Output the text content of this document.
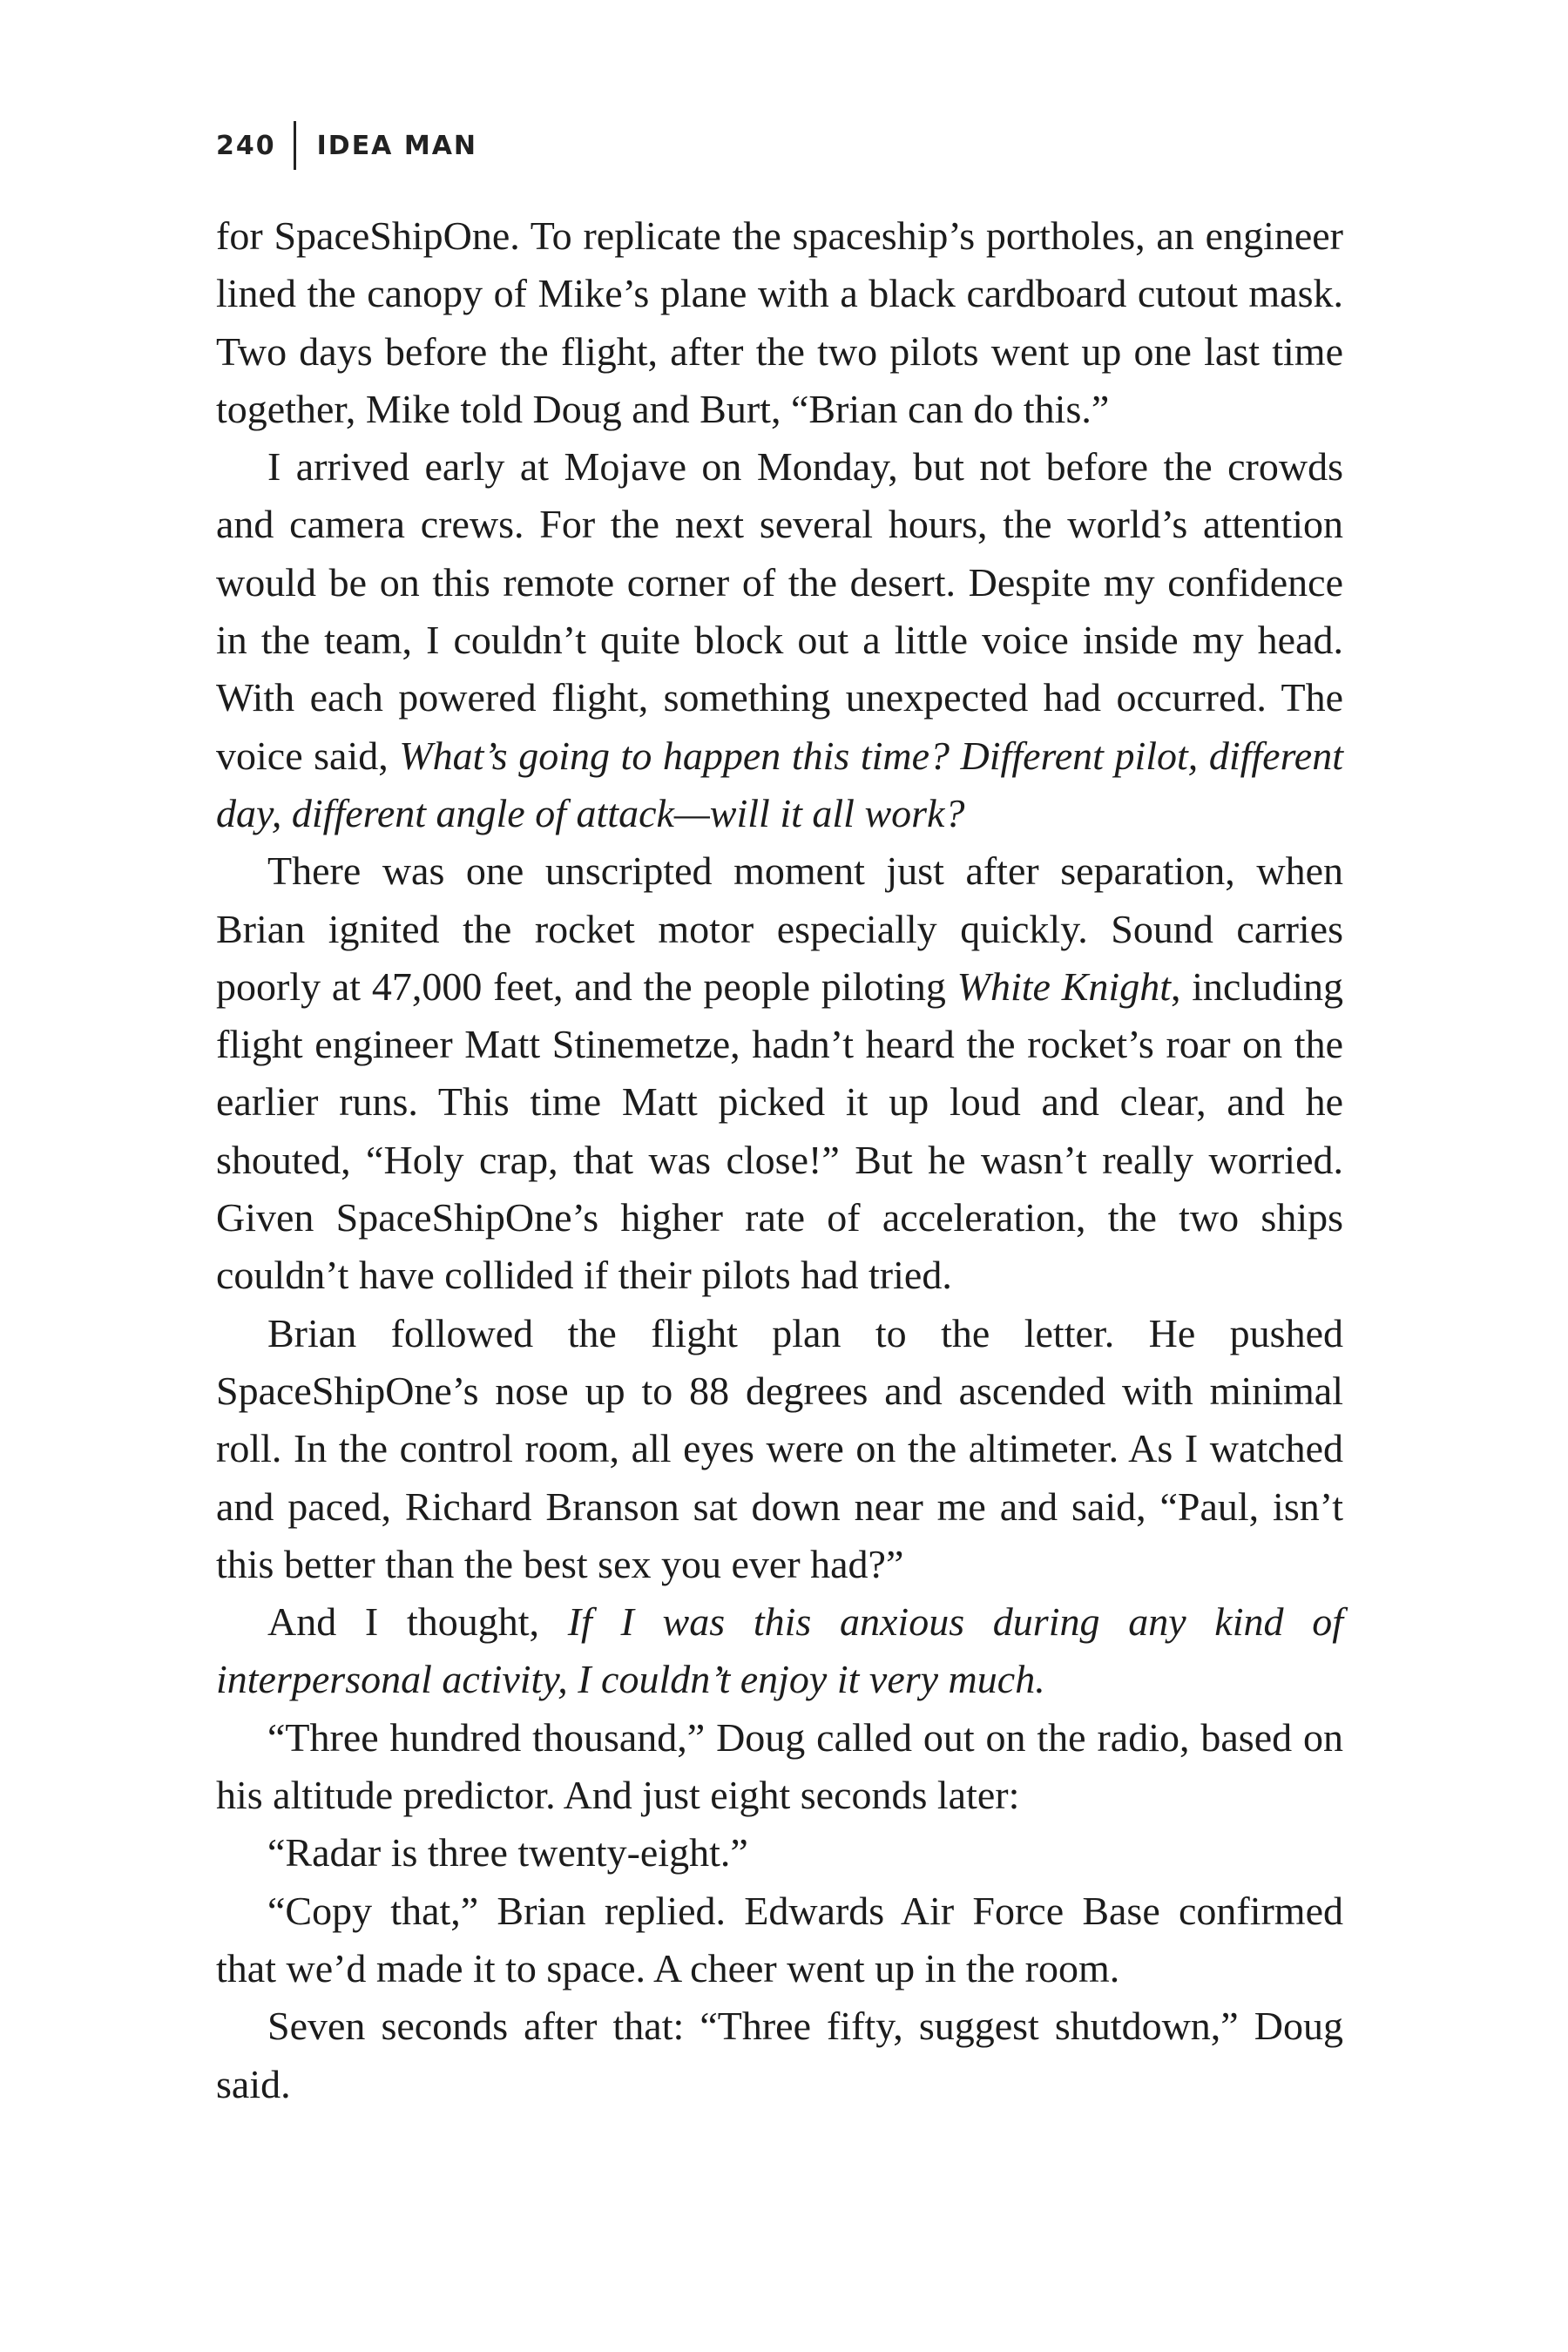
240 IDEA MAN

for SpaceShipOne. To replicate the spaceship’s portholes, an engineer lined the canopy of Mike’s plane with a black cardboard cutout mask. Two days before the flight, after the two pilots went up one last time together, Mike told Doug and Burt, “Brian can do this.”

I arrived early at Mojave on Monday, but not before the crowds and camera crews. For the next several hours, the world’s attention would be on this remote corner of the desert. Despite my confidence in the team, I couldn’t quite block out a little voice inside my head. With each powered flight, something unexpected had occurred. The voice said, What’s going to happen this time? Different pilot, different day, different angle of attack—will it all work?

There was one unscripted moment just after separation, when Brian ignited the rocket motor especially quickly. Sound carries poorly at 47,000 feet, and the people piloting White Knight, including flight engineer Matt Stinemetze, hadn’t heard the rocket’s roar on the earlier runs. This time Matt picked it up loud and clear, and he shouted, “Holy crap, that was close!” But he wasn’t really worried. Given SpaceShipOne’s higher rate of acceleration, the two ships couldn’t have collided if their pilots had tried.

Brian followed the flight plan to the letter. He pushed SpaceShipOne’s nose up to 88 degrees and ascended with minimal roll. In the control room, all eyes were on the altimeter. As I watched and paced, Richard Branson sat down near me and said, “Paul, isn’t this better than the best sex you ever had?”

And I thought, If I was this anxious during any kind of interpersonal activity, I couldn’t enjoy it very much.

“Three hundred thousand,” Doug called out on the radio, based on his altitude predictor. And just eight seconds later:

“Radar is three twenty-eight.”

“Copy that,” Brian replied. Edwards Air Force Base confirmed that we’d made it to space. A cheer went up in the room.

Seven seconds after that: “Three fifty, suggest shutdown,” Doug said.
